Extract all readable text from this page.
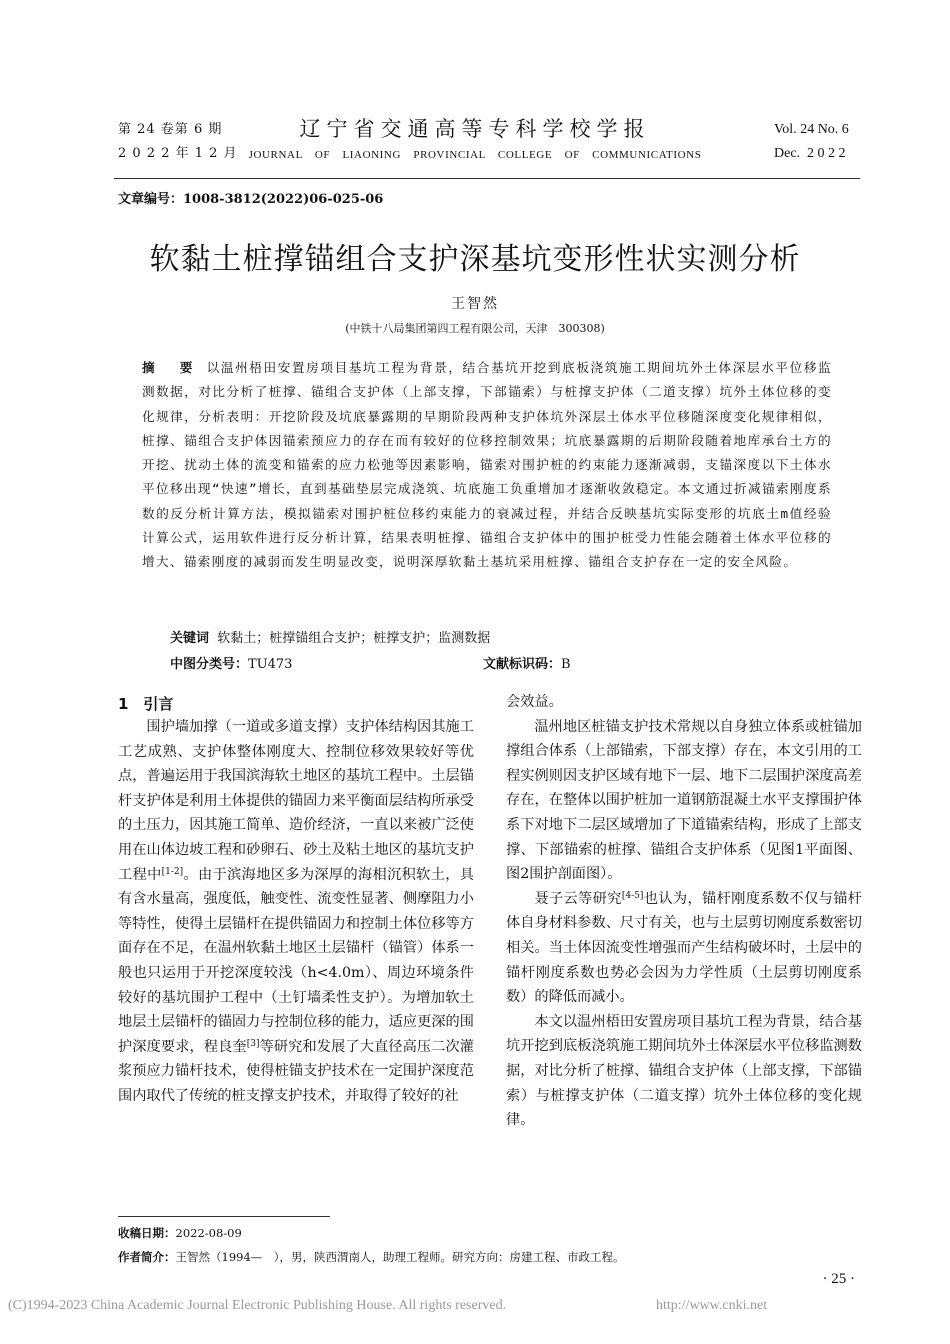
第 24 卷第 6 期
2 0 2 2 年 1 2 月
辽宁省交通高等专科学校学报
JOURNAL OF LIAONING PROVINCIAL COLLEGE OF COMMUNICATIONS
Vol. 24 No. 6
Dec.  2 0 2 2
文章编号：1008-3812(2022)06-025-06
软黏土桩撑锚组合支护深基坑变形性状实测分析
王智然
(中铁十八局集团第四工程有限公司，天津　300308)
摘　要 以温州梧田安置房项目基坑工程为背景，结合基坑开挖到底板浇筑施工期间坑外土体深层水平位移监测数据，对比分析了桩撑、锚组合支护体（上部支撑，下部锚索）与桩撑支护体（二道支撑）坑外土体位移的变化规律，分析表明：开挖阶段及坑底暴露期的早期阶段两种支护体坑外深层土体水平位移随深度变化规律相似，桩撑、锚组合支护体因锚索预应力的存在而有较好的位移控制效果；坑底暴露期的后期阶段随着地库承台土方的开挖、扰动土体的流变和锚索的应力松弛等因素影响，锚索对围护桩的约束能力逐渐减弱，支锚深度以下土体水平位移出现“快速”增长，直到基础垫层完成浇筑、坑底施工负重增加才逐渐收敛稳定。本文通过折减锚索刚度系数的反分析计算方法，模拟锚索对围护桩位移约束能力的衰减过程，并结合反映基坑实际变形的坑底土m值经验计算公式，运用软件进行反分析计算，结果表明桩撑、锚组合支护体中的围护桩受力性能会随着土体水平位移的增大、锚索刚度的减弱而发生明显改变，说明深厚软黏土基坑采用桩撑、锚组合支护存在一定的安全风险。
关键词 软黏土；桩撑锚组合支护；桩撑支护；监测数据
中图分类号：TU473	文献标识码：B
1　引言

围护墙加撑（一道或多道支撑）支护体结构因其施工工艺成熟、支护体整体刚度大、控制位移效果较好等优点，普遍运用于我国滨海软土地区的基坑工程中。土层锚杆支护体是利用土体提供的锚固力来平衡面层结构所承受的土压力，因其施工简单、造价经济，一直以来被广泛使用在山体边坡工程和砂卵石、砂土及粘土地区的基坑支护工程中[1-2]。由于滨海地区多为深厚的海相沉积软土，具有含水量高，强度低，触变性、流变性显著、侧摩阻力小等特性，使得土层锚杆在提供锚固力和控制土体位移等方面存在不足，在温州软黏土地区土层锚杆（锚管）体系一般也只运用于开挖深度较浅（h<4.0m）、周边环境条件较好的基坑围护工程中（土钉墙柔性支护）。为增加软土地层土层锚杆的锚固力与控制位移的能力，适应更深的围护深度要求，程良奎[3]等研究和发展了大直径高压二次灌浆预应力锚杆技术，使得桩锚支护技术在一定围护深度范围内取代了传统的桩支撑支护技术，并取得了较好的社

会效益。

温州地区桩锚支护技术常规以自身独立体系或桩锚加撑组合体系（上部锚索，下部支撑）存在，本文引用的工程实例则因支护区域有地下一层、地下二层围护深度高差存在，在整体以围护桩加一道钢筋混凝土水平支撑围护体系下对地下二层区域增加了下道锚索结构，形成了上部支撑、下部锚索的桩撑、锚组合支护体系（见图1平面图、图2围护剖面图）。

聂子云等研究[4-5]也认为，锚杆刚度系数不仅与锚杆体自身材料参数、尺寸有关，也与土层剪切刚度系数密切相关。当土体因流变性增强而产生结构破坏时，土层中的锚杆刚度系数也势必会因为力学性质（土层剪切刚度系数）的降低而减小。

本文以温州梧田安置房项目基坑工程为背景，结合基坑开挖到底板浇筑施工期间坑外土体深层水平位移监测数据，对比分析了桩撑、锚组合支护体（上部支撑，下部锚索）与桩撑支护体（二道支撑）坑外土体位移的变化规律。

收稿日期：2022-08-09
作者简介：王智然（1994—　），男，陕西渭南人，助理工程师。研究方向：房建工程、市政工程。
· 25 ·
(C)1994-2023 China Academic Journal Electronic Publishing House. All rights reserved.	http://www.cnki.net
